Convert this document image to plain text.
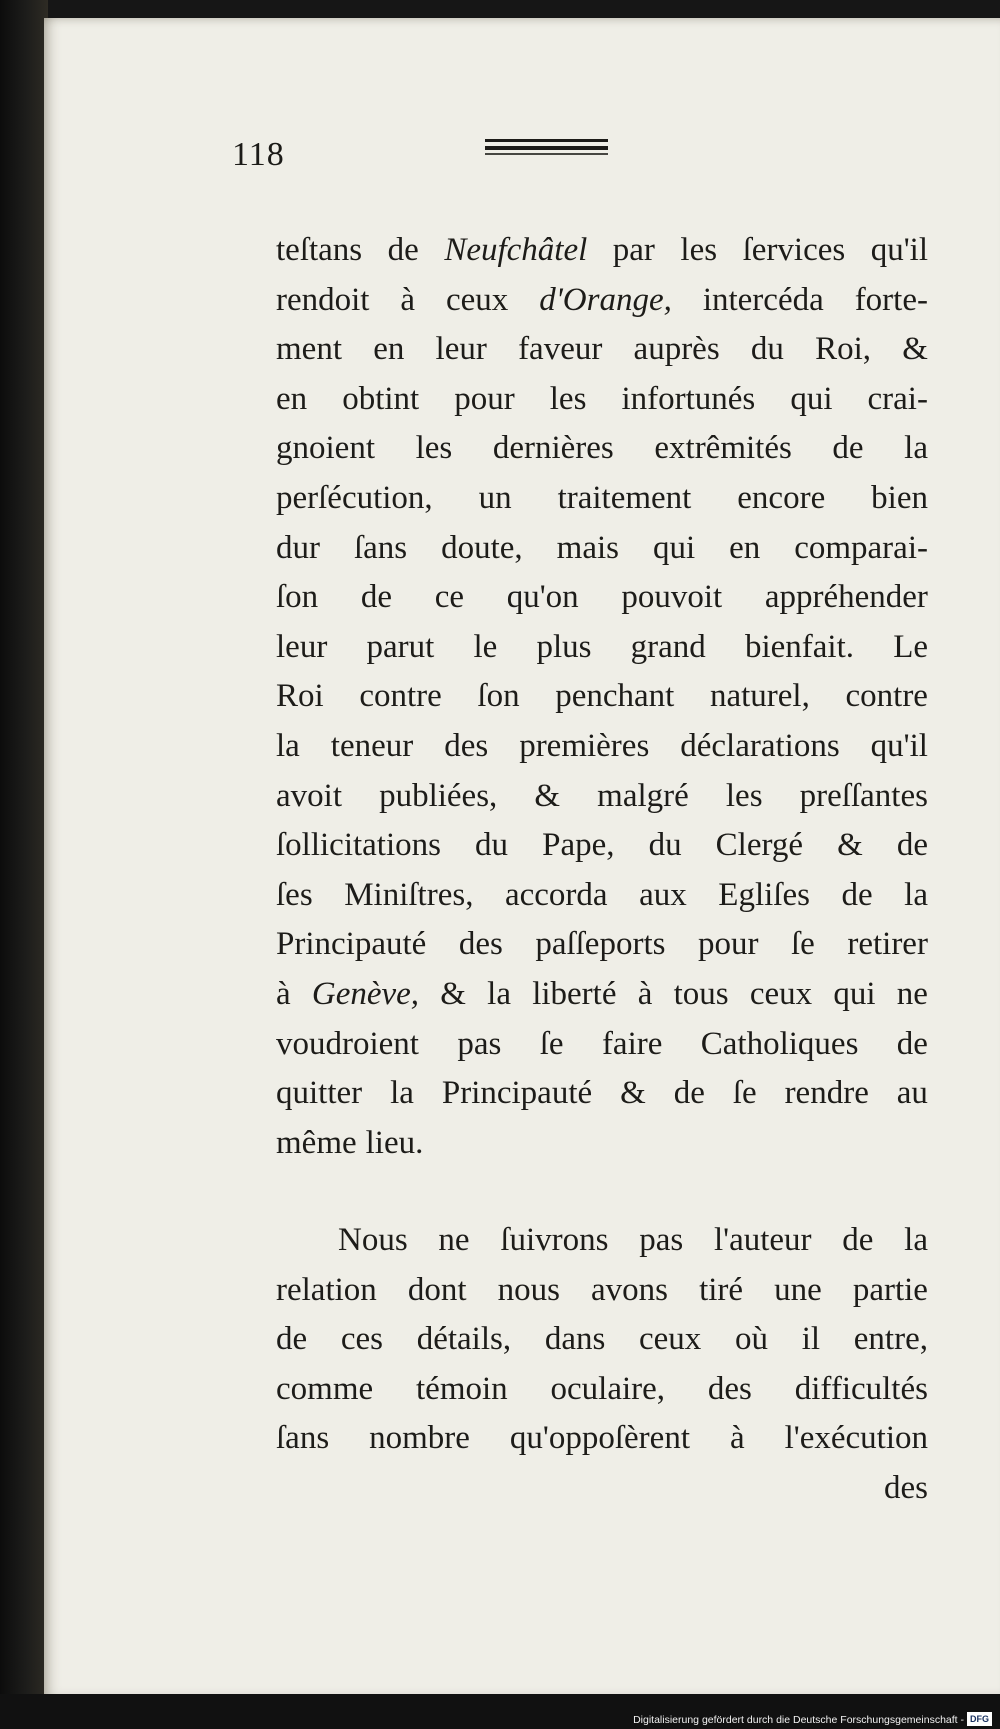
118
teſtans de Neufchâtel par les ſervices qu'il
rendoit à ceux d'Orange, intercéda forte-
ment en leur faveur auprès du Roi, &
en obtint pour les infortunés qui crai-
gnoient les dernières extrêmités de la
perſécution, un traitement encore bien
dur ſans doute, mais qui en comparai-
ſon de ce qu'on pouvoit appréhender
leur parut le plus grand bienfait. Le
Roi contre ſon penchant naturel, contre
la teneur des premières déclarations qu'il
avoit publiées, & malgré les preſſantes
ſollicitations du Pape, du Clergé & de
ſes Miniſtres, accorda aux Egliſes de la
Principauté des paſſeports pour ſe retirer
à Genève, & la liberté à tous ceux qui ne
voudroient pas ſe faire Catholiques de
quitter la Principauté & de ſe rendre au
même lieu.
Nous ne ſuivrons pas l'auteur de la
relation dont nous avons tiré une partie
de ces détails, dans ceux où il entre,
comme témoin oculaire, des difficultés
ſans nombre qu'oppoſèrent à l'exécution
des
Digitalisierung gefördert durch die Deutsche Forschungsgemeinschaft - DFG
